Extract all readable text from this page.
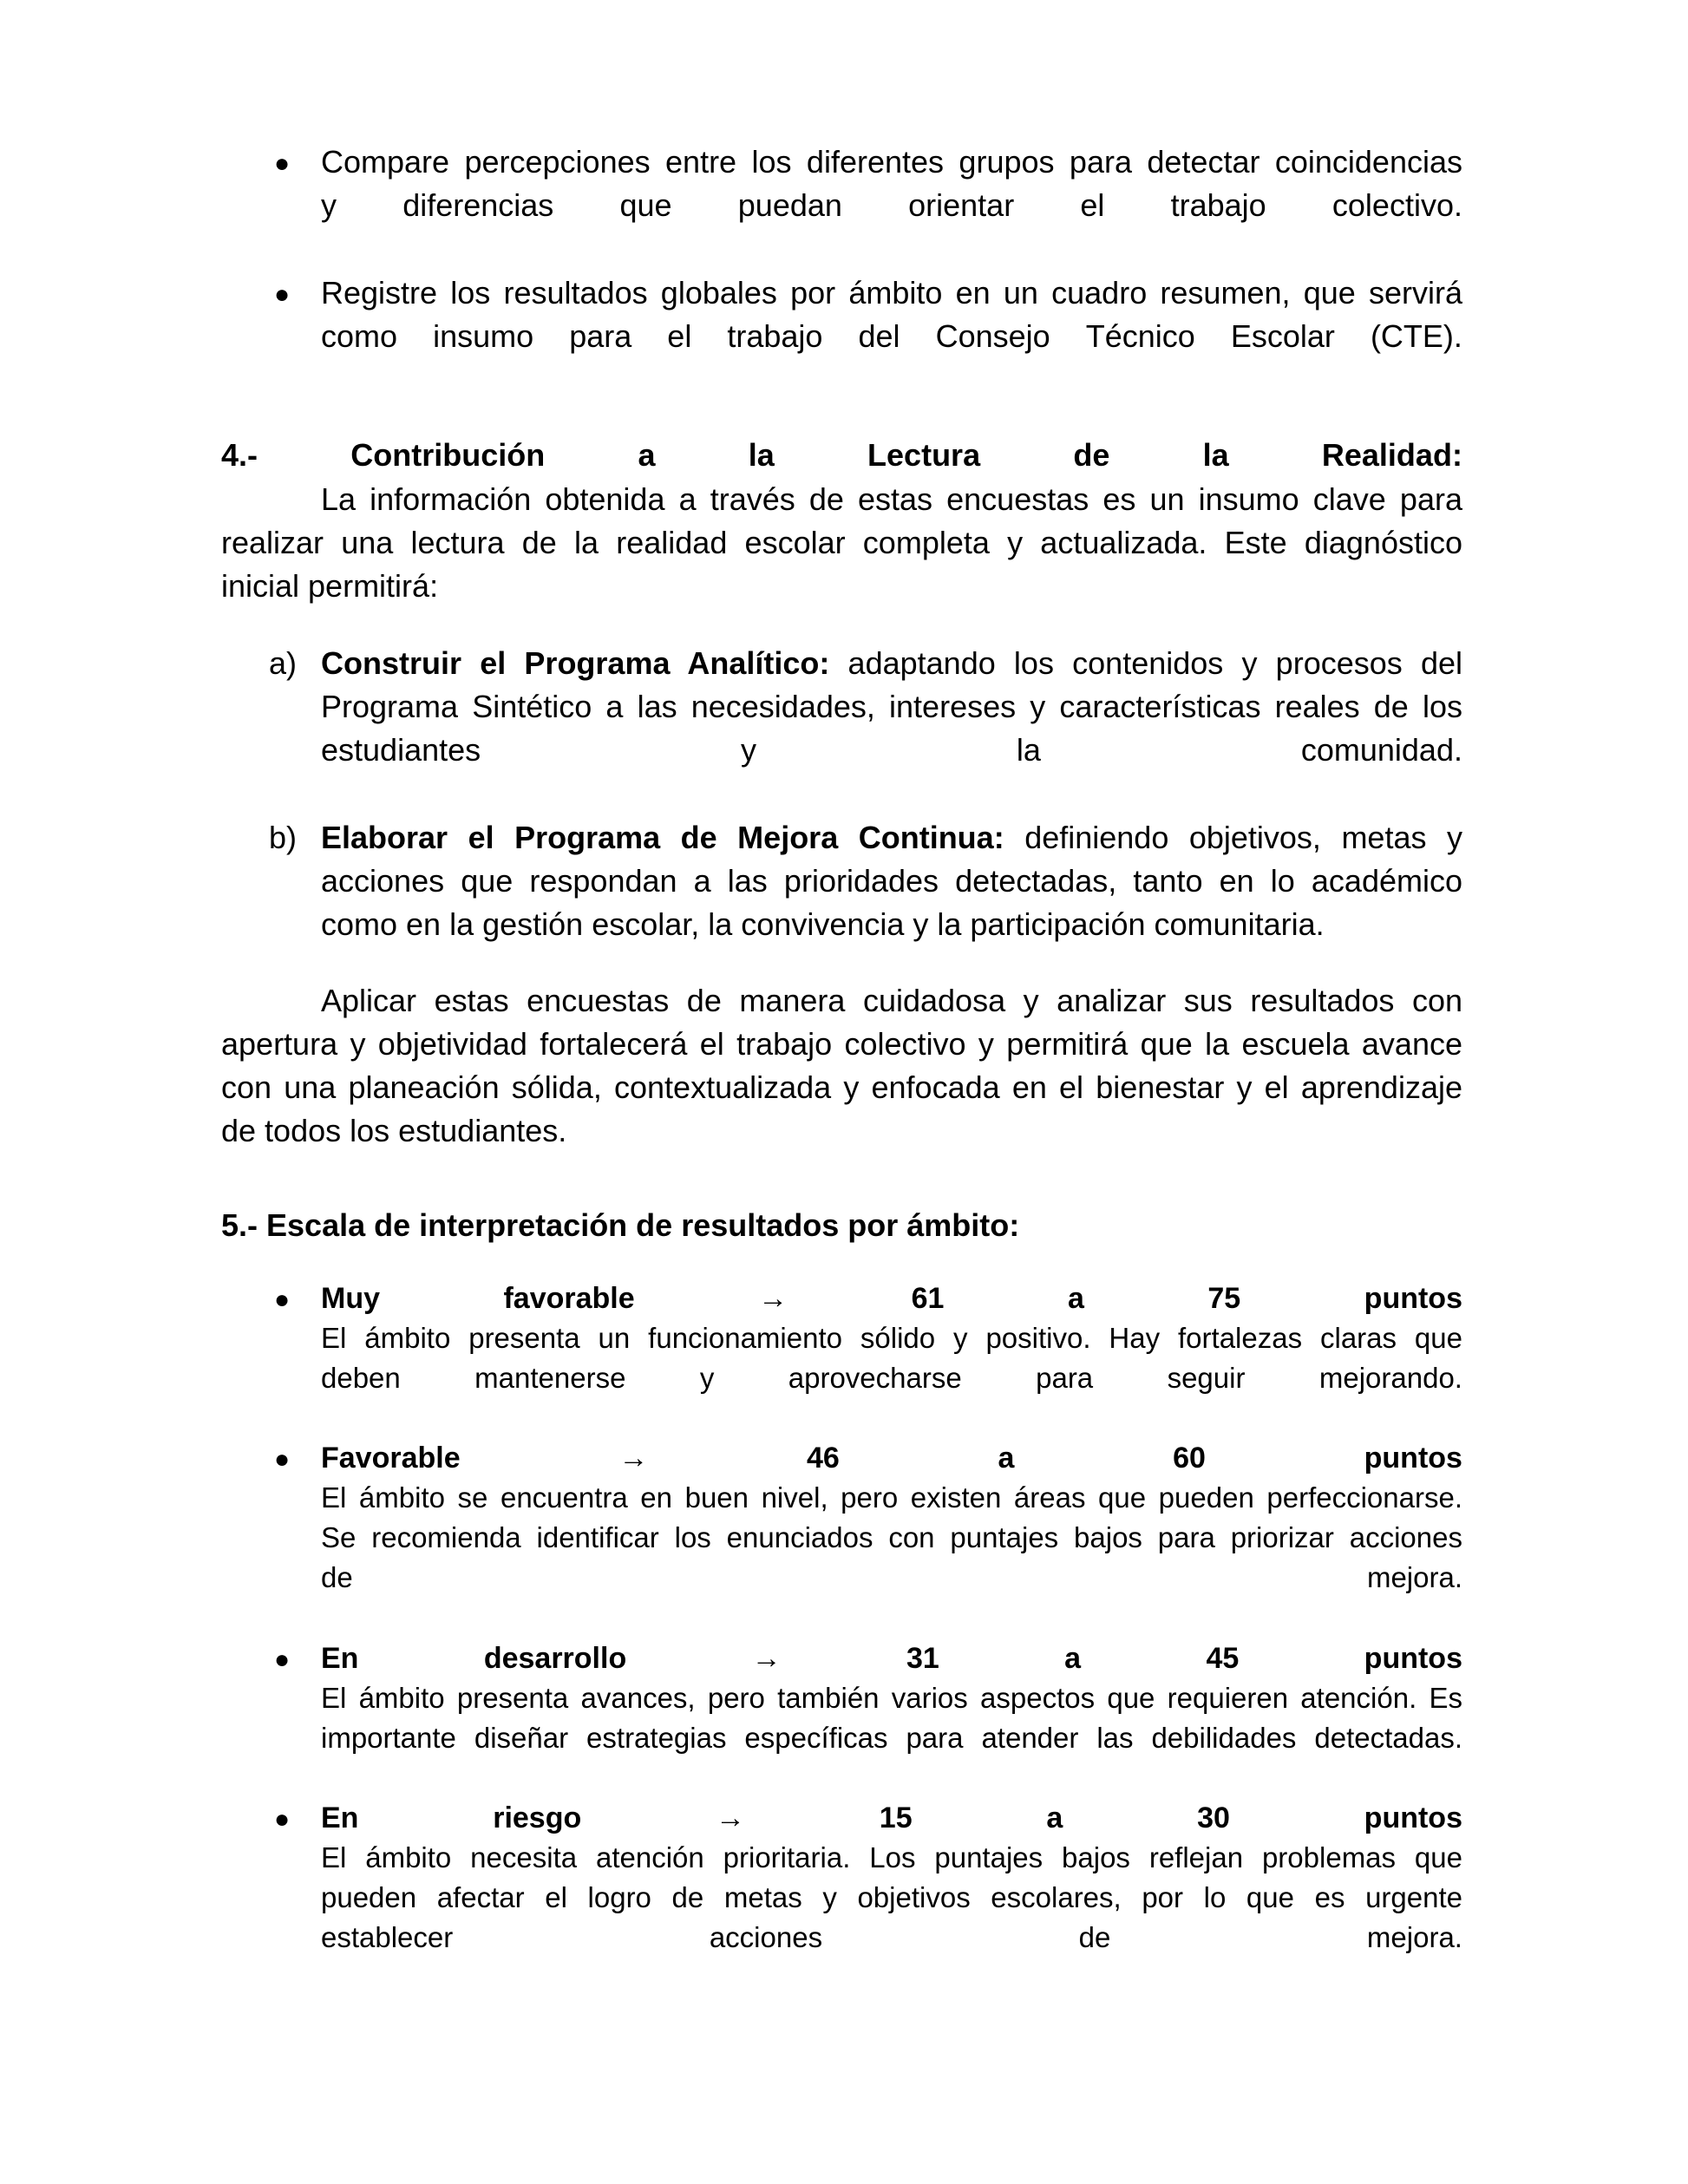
● Compare percepciones entre los diferentes grupos para detectar coincidencias
y diferencias que puedan orientar el trabajo colectivo.
● Registre los resultados globales por ámbito en un cuadro resumen, que servirá
como insumo para el trabajo del Consejo Técnico Escolar (CTE).
4.-	Contribución	a	la	Lectura	de	la	Realidad:
La información obtenida a través de estas encuestas es un insumo clave para
realizar una lectura de la realidad escolar completa y actualizada. Este diagnóstico
inicial permitirá:
a) Construir el Programa Analítico: adaptando los contenidos y procesos del
Programa Sintético a las necesidades, intereses y características reales de los
estudiantes	y	la	comunidad.
b) Elaborar el Programa de Mejora Continua: definiendo objetivos, metas y
acciones que respondan a las prioridades detectadas, tanto en lo académico
como en la gestión escolar, la convivencia y la participación comunitaria.
Aplicar estas encuestas de manera cuidadosa y analizar sus resultados con
apertura y objetividad fortalecerá el trabajo colectivo y permitirá que la escuela avance
con una planeación sólida, contextualizada y enfocada en el bienestar y el aprendizaje
de todos los estudiantes.
5.- Escala de interpretación de resultados por ámbito:
● Muy	favorable	→	61	a	75	puntos
El ámbito presenta un funcionamiento sólido y positivo. Hay fortalezas claras que
deben	mantenerse	y	aprovecharse	para	seguir	mejorando.
● Favorable	→	46	a	60	puntos
El ámbito se encuentra en buen nivel, pero existen áreas que pueden perfeccionarse.
Se recomienda identificar los enunciados con puntajes bajos para priorizar acciones
de	mejora.
● En	desarrollo	→	31	a	45	puntos
El ámbito presenta avances, pero también varios aspectos que requieren atención. Es
importante diseñar estrategias específicas para atender las debilidades detectadas.
● En	riesgo	→	15	a	30	puntos
El ámbito necesita atención prioritaria. Los puntajes bajos reflejan problemas que
pueden afectar el logro de metas y objetivos escolares, por lo que es urgente
establecer	acciones	de	mejora.
